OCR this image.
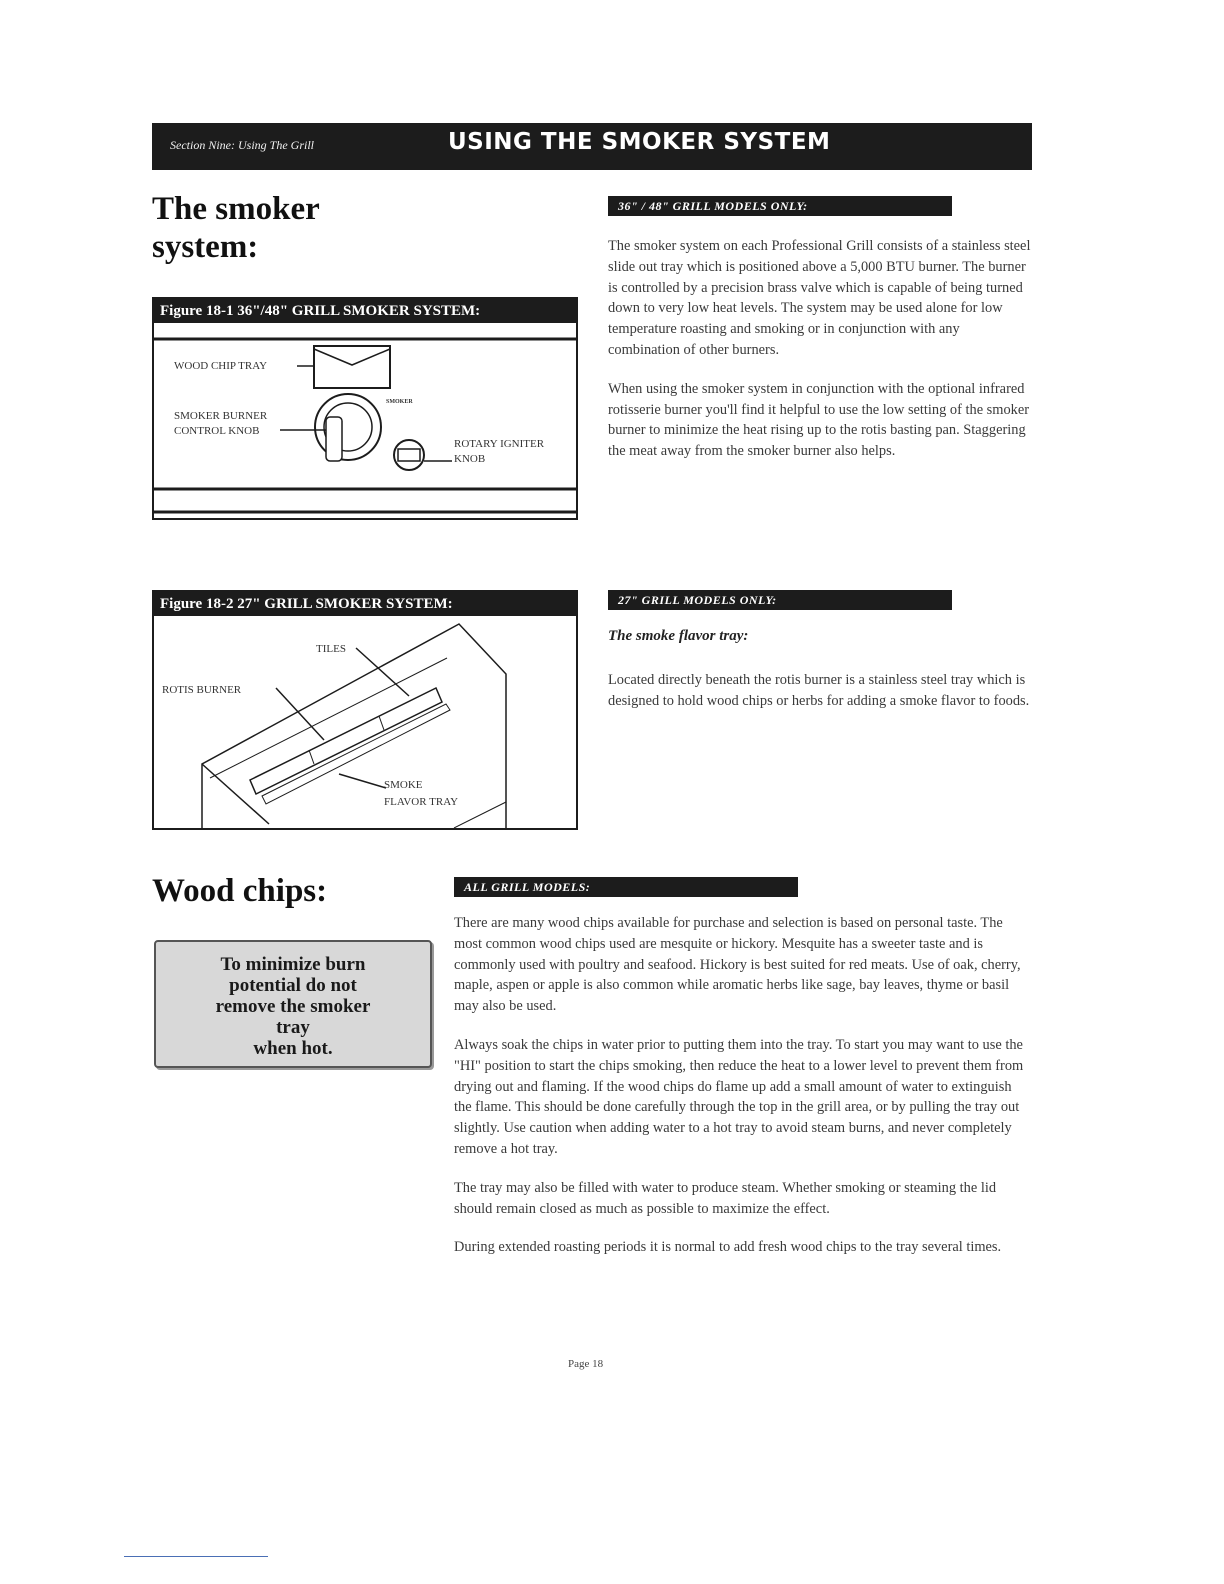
Section Nine: Using The Grill	USING THE SMOKER SYSTEM
The smoker
system:
Figure 18-1 36"/48" GRILL SMOKER SYSTEM:
WOOD CHIP TRAY
SMOKER BURNER
CONTROL KNOB
ROTARY IGNITER
KNOB
SMOKER
36" / 48" GRILL MODELS ONLY:

The smoker system on each Professional Grill consists of a stainless steel slide out tray which is positioned above a 5,000 BTU burner. The burner is controlled by a precision brass valve which is capable of being turned down to very low heat levels. The system may be used alone for low temperature roasting and smoking or in conjunction with any combination of other burners.

When using the smoker system in conjunction with the optional infrared rotisserie burner you'll find it helpful to use the low setting of the smoker burner to minimize the heat rising up to the rotis basting pan. Staggering the meat away from the smoker burner also helps.

Figure 18-2 27" GRILL SMOKER SYSTEM:
TILES
ROTIS BURNER
SMOKE
FLAVOR TRAY
27" GRILL MODELS ONLY:
The smoke flavor tray:

Located directly beneath the rotis burner is a stainless steel tray which is designed to hold wood chips or herbs for adding a smoke flavor to foods.

Wood chips:
To minimize burn
potential do not
remove the smoker
tray
when hot.
ALL GRILL MODELS:

There are many wood chips available for purchase and selection is based on personal taste. The most common wood chips used are mesquite or hickory. Mesquite has a sweeter taste and is commonly used with poultry and seafood. Hickory is best suited for red meats. Use of oak, cherry, maple, aspen or apple is also common while aromatic herbs like sage, bay leaves, thyme or basil may also be used.

Always soak the chips in water prior to putting them into the tray. To start you may want to use the "HI" position to start the chips smoking, then reduce the heat to a lower level to prevent them from drying out and flaming. If the wood chips do flame up add a small amount of water to extinguish the flame. This should be done carefully through the top in the grill area, or by pulling the tray out slightly. Use caution when adding water to a hot tray to avoid steam burns, and never completely remove a hot tray.

The tray may also be filled with water to produce steam. Whether smoking or steaming the lid should remain closed as much as possible to maximize the effect.

During extended roasting periods it is normal to add fresh wood chips to the tray several times.

Page 18
